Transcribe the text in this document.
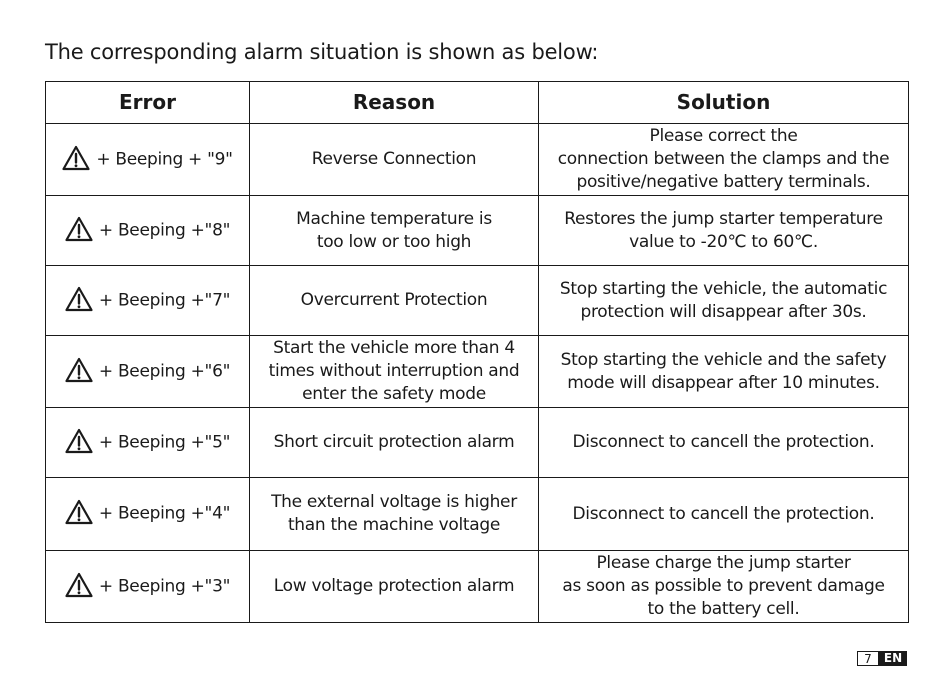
The corresponding alarm situation is shown as below:
Error	Reason	Solution
+ Beeping + "9"	Reverse Connection	Please correct the
connection between the clamps and the
positive/negative battery terminals.
+ Beeping +"8"	Machine temperature is
too low or too high	Restores the jump starter temperature
value to -20℃ to 60℃.
+ Beeping +"7"	Overcurrent Protection	Stop starting the vehicle, the automatic
protection will disappear after 30s.
+ Beeping +"6"	Start the vehicle more than 4
times without interruption and
enter the safety mode	Stop starting the vehicle and the safety
mode will disappear after 10 minutes.
+ Beeping +"5"	Short circuit protection alarm	Disconnect to cancell the protection.
+ Beeping +"4"	The external voltage is higher
than the machine voltage	Disconnect to cancell the protection.
+ Beeping +"3"	Low voltage protection alarm	Please charge the jump starter
as soon as possible to prevent damage
to the battery cell.
7	EN
